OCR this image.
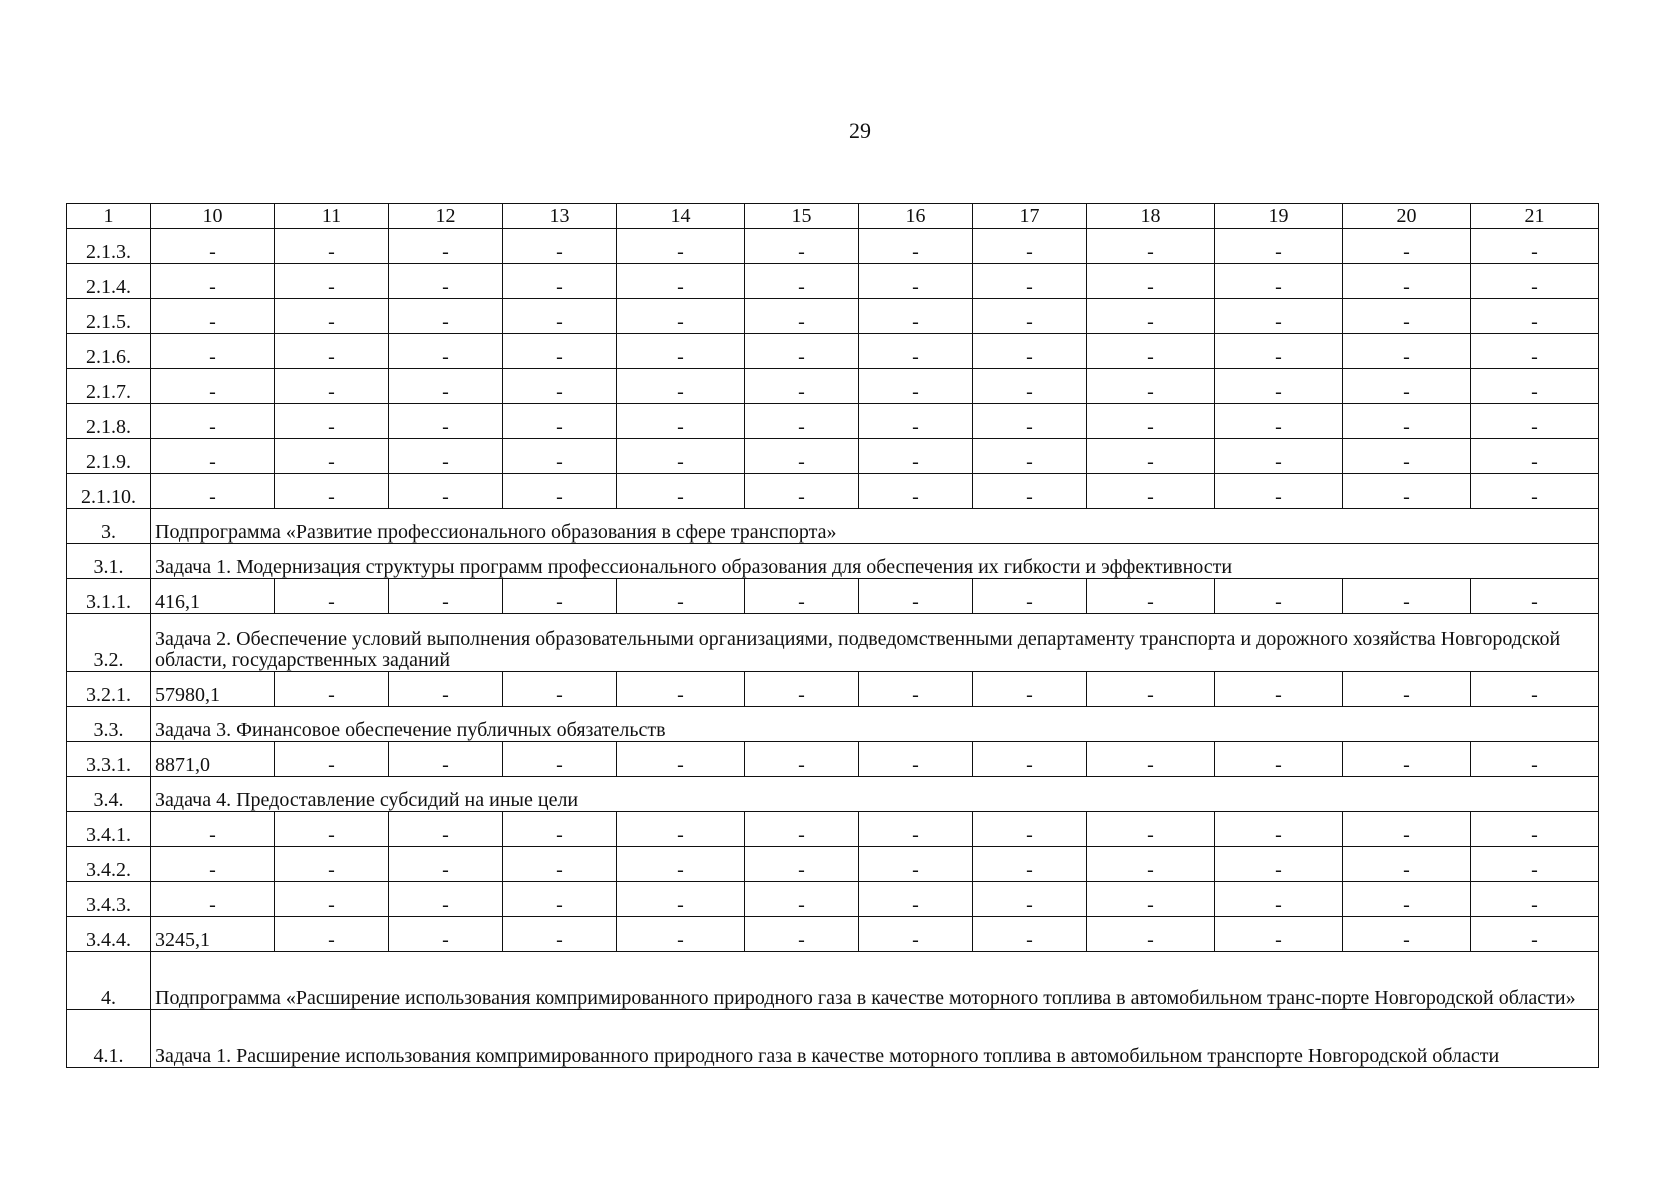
29
1	10	11	12	13	14	15	16	17	18	19	20	21
2.1.3.	-	-	-	-	-	-	-	-	-	-	-	-
2.1.4.	-	-	-	-	-	-	-	-	-	-	-	-
2.1.5.	-	-	-	-	-	-	-	-	-	-	-	-
2.1.6.	-	-	-	-	-	-	-	-	-	-	-	-
2.1.7.	-	-	-	-	-	-	-	-	-	-	-	-
2.1.8.	-	-	-	-	-	-	-	-	-	-	-	-
2.1.9.	-	-	-	-	-	-	-	-	-	-	-	-
2.1.10.	-	-	-	-	-	-	-	-	-	-	-	-
3.	Подпрограмма «Развитие профессионального образования в сфере транспорта»											
3.1.	Задача 1. Модернизация структуры программ профессионального образования для обеспечения их гибкости и эффективности											
3.1.1.	416,1	-	-	-	-	-	-	-	-	-	-	-
3.2.	Задача 2. Обеспечение условий выполнения образовательными организациями, подведомственными департаменту транспорта и дорожного хозяйства Новгородской области, государственных заданий											
3.2.1.	57980,1	-	-	-	-	-	-	-	-	-	-	-
3.3.	Задача 3. Финансовое обеспечение публичных обязательств											
3.3.1.	8871,0	-	-	-	-	-	-	-	-	-	-	-
3.4.	Задача 4. Предоставление субсидий на иные цели											
3.4.1.	-	-	-	-	-	-	-	-	-	-	-	-
3.4.2.	-	-	-	-	-	-	-	-	-	-	-	-
3.4.3.	-	-	-	-	-	-	-	-	-	-	-	-
3.4.4.	3245,1	-	-	-	-	-	-	-	-	-	-	-
4.	Подпрограмма «Расширение использования компримированного природного газа в качестве моторного топлива в автомобильном транс-порте Новгородской области»											
4.1.	Задача 1. Расширение использования компримированного природного газа в качестве моторного топлива в автомобильном транспорте Новгородской области											
